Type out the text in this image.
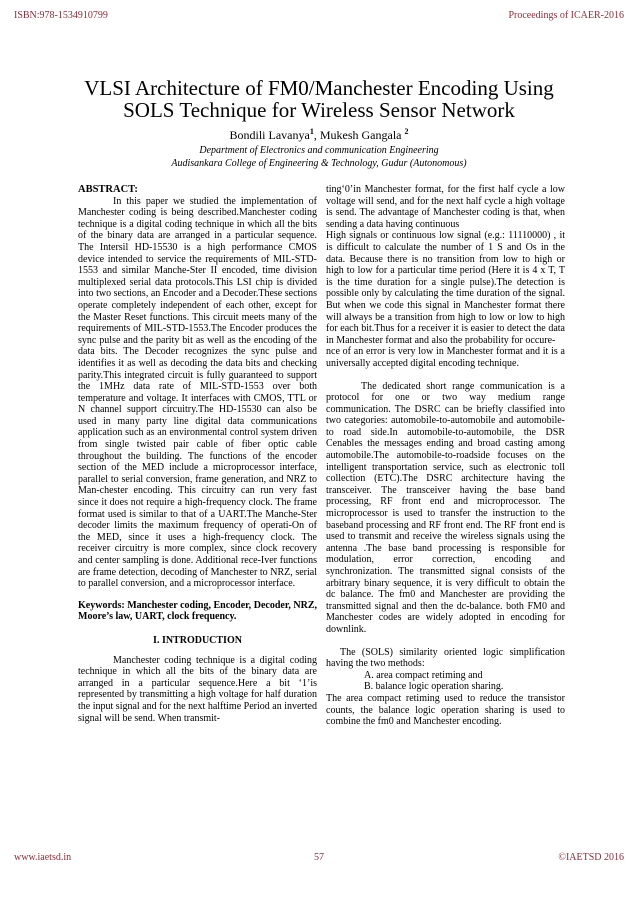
ISBN:978-1534910799	Proceedings of ICAER-2016
VLSI Architecture of FM0/Manchester Encoding Using
SOLS Technique for Wireless Sensor Network
Bondili Lavanya$^1$, Mukesh Gangala $^2$
Department of Electronics and communication Engineering
Audisankara College of Engineering & Technology, Gudur (Autonomous)

ABSTRACT:

In this paper we studied the implementation of Manchester coding is being described.Manchester coding technique is a digital coding technique in which all the bits of the binary data are arranged in a particular sequence. The Intersil HD-15530 is a high performance CMOS device intended to service the requirements of MIL-STD-1553 and similar Manche-Ster II encoded, time division multiplexed serial data protocols.This LSI chip is divided into two sections, an Encoder and a Decoder.These sections operate completely independent of each other, except for the Master Reset functions. This circuit meets many of the requirements of MIL-STD-1553.The Encoder produces the sync pulse and the parity bit as well as the encoding of the data bits. The Decoder recognizes the sync pulse and identifies it as well as decoding the data bits and checking parity.This integrated circuit is fully guaranteed to support the 1MHz data rate of MIL-STD-1553 over both temperature and voltage. It interfaces with CMOS, TTL or N channel support circuitry.The HD-15530 can also be used in many party line digital data communications application such as an environmental control system driven from single twisted pair cable of fiber optic cable throughout the building. The functions of the encoder section of the MED include a microprocessor interface, parallel to serial conversion, frame generation, and NRZ to Man-chester encoding. This circuitry can run very fast since it does not require a high-frequency clock. The frame format used is similar to that of a UART.The Manche-Ster decoder limits the maximum frequency of operati-On of the MED, since it uses a high-frequency clock. The receiver circuitry is more complex, since clock recovery and center sampling is done. Additional rece-Iver functions are frame detection, decoding of Manchester to NRZ, serial to parallel conversion, and a microprocessor interface.

Keywords: Manchester coding, Encoder, Decoder, NRZ, Moore’s law, UART, clock frequency.

I. INTRODUCTION

Manchester coding technique is a digital coding technique in which all the bits of the binary data are arranged in a particular sequence.Here a bit ‘1’is represented by transmitting a high voltage for half duration the input signal and for the next halftime Period an inverted signal will be send. When transmit-

ting‘0’in Manchester format, for the first half cycle a low voltage will send, and for the next half cycle a high voltage is send. The advantage of Manchester coding is that, when sending a data having continuous

High signals or continuous low signal (e.g.: 11110000) , it is difficult to calculate the number of 1 S and Os in the data. Because there is no transition from low to high or high to low for a particular time period (Here it is 4 x T, T is the time duration for a single pulse).The detection is possible only by calculating the time duration of the signal. But when we code this signal in Manchester format there will always be a transition from high to low or low to high for each bit.Thus for a receiver it is easier to detect the data in Manchester format and also the probability for occure-

nce of an error is very low in Manchester format and it is a universally accepted digital encoding technique.

The dedicated short range communication is a protocol for one or two way medium range communication. The DSRC can be briefly classified into two categories: automobile-to-automobile and automobile-to road side.In automobile-to-automobile, the DSR Cenables the messages ending and broad casting among automobile.The automobile-to-roadside focuses on the intelligent transportation service, such as electronic toll collection (ETC).The DSRC architecture having the transceiver. The transceiver having the base band processing, RF front end and microprocessor. The microprocessor is used to transfer the instruction to the baseband processing and RF front end. The RF front end is used to transmit and receive the wireless signals using the antenna .The base band processing is responsible for modulation, error correction, encoding and synchronization. The transmitted signal consists of the arbitrary binary sequence, it is very difficult to obtain the dc balance. The fm0 and Manchester are providing the transmitted signal and then the dc-balance. both FM0 and Manchester codes are widely adopted in encoding for downlink.

The (SOLS) similarity oriented logic simplification having the two methods:

A. area compact retiming and

B. balance logic operation sharing.

The area compact retiming used to reduce the transistor counts, the balance logic operation sharing is used to combine the fm0 and Manchester encoding.

www.iaetsd.in	57	©IAETSD 2016
